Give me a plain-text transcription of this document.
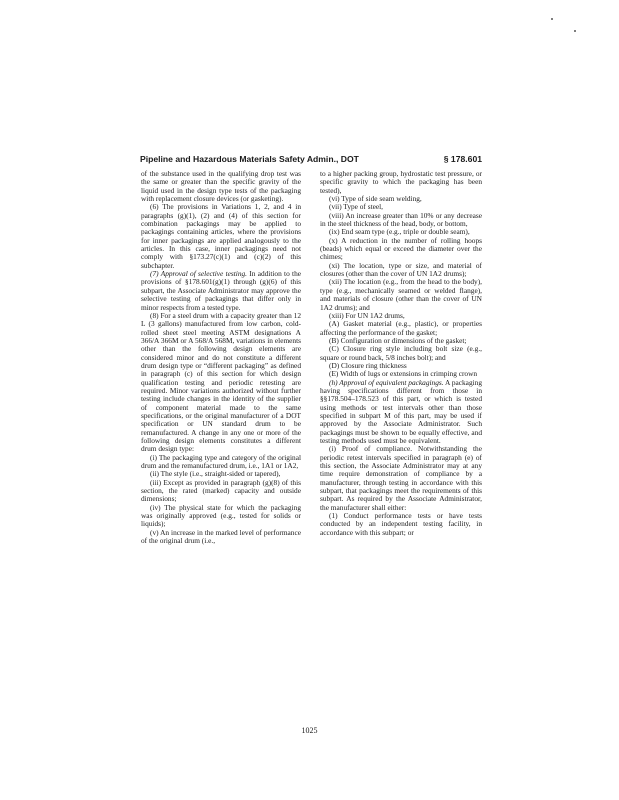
Pipeline and Hazardous Materials Safety Admin., DOT	§ 178.601

of the substance used in the qualifying drop test was the same or greater than the specific gravity of the liquid used in the design type tests of the packaging with replacement closure devices (or gasketing).

(6) The provisions in Variations 1, 2, and 4 in paragraphs (g)(1), (2) and (4) of this section for combination packagings may be applied to packagings containing articles, where the provisions for inner packagings are applied analogously to the articles. In this case, inner packagings need not comply with §173.27(c)(1) and (c)(2) of this subchapter.

(7) Approval of selective testing. In addition to the provisions of §178.601(g)(1) through (g)(6) of this subpart, the Associate Administrator may approve the selective testing of packagings that differ only in minor respects from a tested type.

(8) For a steel drum with a capacity greater than 12 L (3 gallons) manufactured from low carbon, cold-rolled sheet steel meeting ASTM designations A 366/A 366M or A 568/A 568M, variations in elements other than the following design elements are considered minor and do not constitute a different drum design type or “different packaging” as defined in paragraph (c) of this section for which design qualification testing and periodic retesting are required. Minor variations authorized without further testing include changes in the identity of the supplier of component material made to the same specifications, or the original manufacturer of a DOT specification or UN standard drum to be remanufactured. A change in any one or more of the following design elements constitutes a different drum design type:

(i) The packaging type and category of the original drum and the remanufactured drum, i.e., 1A1 or 1A2,

(ii) The style (i.e., straight-sided or tapered),

(iii) Except as provided in paragraph (g)(8) of this section, the rated (marked) capacity and outside dimensions;

(iv) The physical state for which the packaging was originally approved (e.g., tested for solids or liquids);

(v) An increase in the marked level of performance of the original drum (i.e.,

to a higher packing group, hydrostatic test pressure, or specific gravity to which the packaging has been tested),

(vi) Type of side seam welding,

(vii) Type of steel,

(viii) An increase greater than 10% or any decrease in the steel thickness of the head, body, or bottom,

(ix) End seam type (e.g., triple or double seam),

(x) A reduction in the number of rolling hoops (beads) which equal or exceed the diameter over the chimes;

(xi) The location, type or size, and material of closures (other than the cover of UN 1A2 drums);

(xii) The location (e.g., from the head to the body), type (e.g., mechanically seamed or welded flange), and materials of closure (other than the cover of UN 1A2 drums); and

(xiii) For UN 1A2 drums,

(A) Gasket material (e.g., plastic), or properties affecting the performance of the gasket;

(B) Configuration or dimensions of the gasket;

(C) Closure ring style including bolt size (e.g., square or round back, 5/8 inches bolt); and

(D) Closure ring thickness

(E) Width of lugs or extensions in crimping crown

(h) Approval of equivalent packagings. A packaging having specifications different from those in §§178.504–178.523 of this part, or which is tested using methods or test intervals other than those specified in subpart M of this part, may be used if approved by the Associate Administrator. Such packagings must be shown to be equally effective, and testing methods used must be equivalent.

(i) Proof of compliance. Notwithstanding the periodic retest intervals specified in paragraph (e) of this section, the Associate Administrator may at any time require demonstration of compliance by a manufacturer, through testing in accordance with this subpart, that packagings meet the requirements of this subpart. As required by the Associate Administrator, the manufacturer shall either:

(1) Conduct performance tests or have tests conducted by an independent testing facility, in accordance with this subpart; or

1025
